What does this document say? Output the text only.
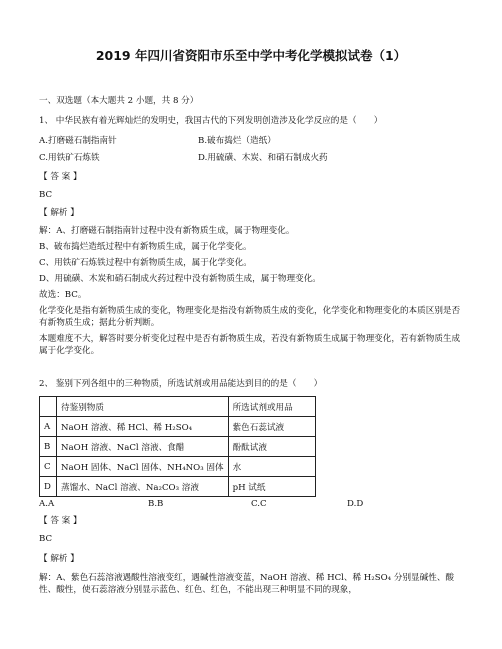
2019 年四川省资阳市乐至中学中考化学模拟试卷（1）
一、双选题（本大题共 2 小题，共 8 分）
1、 中华民族有着光辉灿烂的发明史，我国古代的下列发明创造涉及化学反应的是（　　）
A.打磨磁石制指南针	B.破布捣烂（造纸）
C.用铁矿石炼铁	D.用硫磺、木炭、和硝石制成火药
【 答 案 】
BC
【 解析 】
解：A、打磨磁石制指南针过程中没有新物质生成，属于物理变化。
B、破布捣烂造纸过程中有新物质生成，属于化学变化。
C、用铁矿石炼铁过程中有新物质生成，属于化学变化。
D、用硫磺、木炭和硝石制成火药过程中没有新物质生成，属于物理变化。
故选：BC。
化学变化是指有新物质生成的变化，物理变化是指没有新物质生成的变化，化学变化和物理变化的本质区别是否有新物质生成；据此分析判断。
本题难度不大，解答时要分析变化过程中是否有新物质生成，若没有新物质生成属于物理变化，若有新物质生成属于化学变化。
2、 鉴别下列各组中的三种物质，所选试剂或用品能达到目的的是（　　）
	待鉴别物质	所选试剂或用品
A	NaOH 溶液、稀 HCl、稀 H₂SO₄	紫色石蕊试液
B	NaOH 溶液、NaCl 溶液、食醋	酚酞试液
C	NaOH 固体、NaCl 固体、NH₄NO₃ 固体	水
D	蒸馏水、NaCl 溶液、Na₂CO₃ 溶液	pH 试纸
A.A	B.B	C.C	D.D
【 答 案 】
BC
【 解析 】
解：A、紫色石蕊溶液遇酸性溶液变红，遇碱性溶液变蓝，NaOH 溶液、稀 HCl、稀 H₂SO₄ 分别显碱性、酸性、酸性，使石蕊溶液分别显示蓝色、红色、红色，不能出现三种明显不同的现象，
